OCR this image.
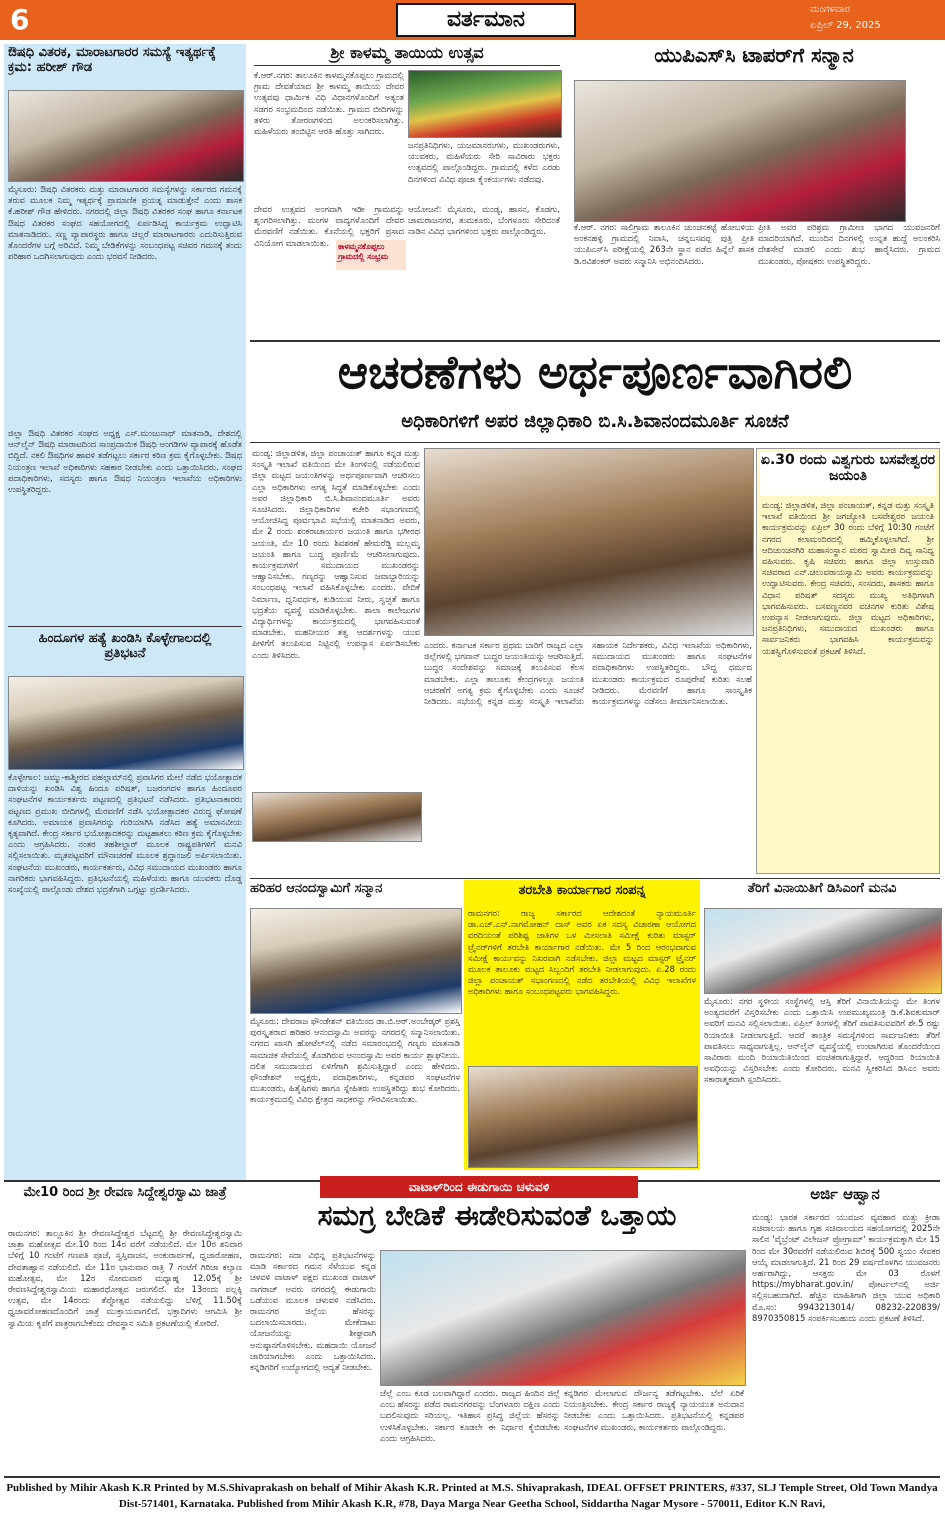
6	ವರ್ತಮಾನ	ಮಂಗಳವಾರ
ಏಪ್ರಿಲ್ 29, 2025
ಔಷಧಿ ವಿತರಕ, ಮಾರಾಟಗಾರರ ಸಮಸ್ಯೆ ಇತ್ಯರ್ಥಕ್ಕೆ ಕ್ರಮ: ಹರೀಶ್ ಗೌಡ
ಮೈಸೂರು: ಔಷಧಿ ವಿತರಕರು ಮತ್ತು ಮಾರಾಟಗಾರರ ಸಮಸ್ಯೆಗಳನ್ನು ಸರ್ಕಾರದ ಗಮನಕ್ಕೆ ತರುವ ಮೂಲಕ ನಿಮ್ಮ ಇತ್ಯರ್ಥಕ್ಕೆ ಪ್ರಾಮಾಣಿಕ ಪ್ರಯತ್ನ ಮಾಡುತ್ತೇನೆ ಎಂದು ಶಾಸಕ ಕೆ.ಹರೀಶ್ ಗೌಡ ಹೇಳಿದರು. ನಗರದಲ್ಲಿ ಜಿಲ್ಲಾ ಔಷಧಿ ವಿತರಕರ ಸಂಘ ಹಾಗೂ ಕರ್ನಾಟಕ ಔಷಧ ವಿತರಕರ ಸಂಘದ ಸಹಯೋಗದಲ್ಲಿ ಏರ್ಪಡಿಸಿದ್ದ ಕಾರ್ಯಕ್ರಮ ಉದ್ಘಾಟಿಸಿ ಮಾತನಾಡಿದರು. ಸಣ್ಣ ವ್ಯಾಪಾರಸ್ಥರು ಹಾಗೂ ಚಿಲ್ಲರೆ ಮಾರಾಟಗಾರರು ಎದುರಿಸುತ್ತಿರುವ ತೊಂದರೆಗಳ ಬಗ್ಗೆ ಅರಿವಿದೆ. ನಿಮ್ಮ ಬೇಡಿಕೆಗಳನ್ನು ಸಂಬಂಧಪಟ್ಟ ಸಚಿವರ ಗಮನಕ್ಕೆ ತಂದು ಪರಿಹಾರ ಒದಗಿಸಲಾಗುವುದು ಎಂದು ಭರವಸೆ ನೀಡಿದರು.
ಜಿಲ್ಲಾ ಔಷಧಿ ವಿತರಕರ ಸಂಘದ ಅಧ್ಯಕ್ಷ ಎಸ್.ಮಂಜುನಾಥ್ ಮಾತನಾಡಿ, ದೇಶದಲ್ಲಿ ಆನ್‌ಲೈನ್ ಔಷಧಿ ಮಾರಾಟದಿಂದ ಸಾಂಪ್ರದಾಯಿಕ ಔಷಧಿ ಅಂಗಡಿಗಳ ವ್ಯಾಪಾರಕ್ಕೆ ಹೊಡೆತ ಬಿದ್ದಿದೆ. ನಕಲಿ ಔಷಧಿಗಳ ಹಾವಳಿ ತಡೆಗಟ್ಟಲು ಸರ್ಕಾರ ಕಠಿಣ ಕ್ರಮ ಕೈಗೊಳ್ಳಬೇಕು. ಔಷಧ ನಿಯಂತ್ರಣ ಇಲಾಖೆ ಅಧಿಕಾರಿಗಳು ಸಹಕಾರ ನೀಡಬೇಕು ಎಂದು ಒತ್ತಾಯಿಸಿದರು. ಸಂಘದ ಪದಾಧಿಕಾರಿಗಳು, ಸದಸ್ಯರು ಹಾಗೂ ಔಷಧ ನಿಯಂತ್ರಣ ಇಲಾಖೆಯ ಅಧಿಕಾರಿಗಳು ಉಪಸ್ಥಿತರಿದ್ದರು.
ಹಿಂದೂಗಳ ಹತ್ಯೆ ಖಂಡಿಸಿ ಕೊಳ್ಳೇಗಾಲದಲ್ಲಿ ಪ್ರತಿಭಟನೆ
ಕೊಳ್ಳೇಗಾಲ: ಜಮ್ಮು-ಕಾಶ್ಮೀರದ ಪಹಲ್ಗಾಮ್‌ನಲ್ಲಿ ಪ್ರವಾಸಿಗರ ಮೇಲೆ ನಡೆದ ಭಯೋತ್ಪಾದಕ ದಾಳಿಯನ್ನು ಖಂಡಿಸಿ ವಿಶ್ವ ಹಿಂದೂ ಪರಿಷತ್, ಬಜರಂಗದಳ ಹಾಗೂ ಹಿಂದೂಪರ ಸಂಘಟನೆಗಳ ಕಾರ್ಯಕರ್ತರು ಪಟ್ಟಣದಲ್ಲಿ ಪ್ರತಿಭಟನೆ ನಡೆಸಿದರು. ಪ್ರತಿಭಟನಾಕಾರರು ಪಟ್ಟಣದ ಪ್ರಮುಖ ಬೀದಿಗಳಲ್ಲಿ ಮೆರವಣಿಗೆ ನಡೆಸಿ ಭಯೋತ್ಪಾದಕರ ವಿರುದ್ಧ ಘೋಷಣೆ ಕೂಗಿದರು. ಅಮಾಯಕ ಪ್ರವಾಸಿಗರನ್ನು ಗುರಿಯಾಗಿಸಿ ನಡೆಸಿದ ಹತ್ಯೆ ಅಮಾನವೀಯ ಕೃತ್ಯವಾಗಿದೆ. ಕೇಂದ್ರ ಸರ್ಕಾರ ಭಯೋತ್ಪಾದಕರನ್ನು ಮಟ್ಟಹಾಕಲು ಕಠಿಣ ಕ್ರಮ ಕೈಗೊಳ್ಳಬೇಕು ಎಂದು ಆಗ್ರಹಿಸಿದರು. ನಂತರ ತಹಶೀಲ್ದಾರ್ ಮೂಲಕ ರಾಷ್ಟ್ರಪತಿಗಳಿಗೆ ಮನವಿ ಸಲ್ಲಿಸಲಾಯಿತು. ಮೃತಪಟ್ಟವರಿಗೆ ಮೌನಾಚರಣೆ ಮೂಲಕ ಶ್ರದ್ಧಾಂಜಲಿ ಅರ್ಪಿಸಲಾಯಿತು. ಸಂಘಟನೆಯ ಮುಖಂಡರು, ಕಾರ್ಯಕರ್ತರು, ವಿವಿಧ ಸಮುದಾಯದ ಮುಖಂಡರು ಹಾಗೂ ನಾಗರಿಕರು ಭಾಗವಹಿಸಿದ್ದರು. ಪ್ರತಿಭಟನೆಯಲ್ಲಿ ಮಹಿಳೆಯರು ಹಾಗೂ ಯುವಕರು ದೊಡ್ಡ ಸಂಖ್ಯೆಯಲ್ಲಿ ಪಾಲ್ಗೊಂಡು ದೇಶದ ಭದ್ರತೆಗಾಗಿ ಒಗ್ಗಟ್ಟು ಪ್ರದರ್ಶಿಸಿದರು.
ಶ್ರೀ ಕಾಳಮ್ಮ ತಾಯಿಯ ಉತ್ಸವ
ಕೆ.ಆರ್.ನಗರ: ತಾಲೂಕಿನ ಕಾಳಮ್ಮನಕೊಪ್ಪಲು ಗ್ರಾಮದಲ್ಲಿ ಗ್ರಾಮ ದೇವತೆಯಾದ ಶ್ರೀ ಕಾಳಮ್ಮ ತಾಯಿಯ ದೇವರ ಉತ್ಸವವು ಧಾರ್ಮಿಕ ವಿಧಿ ವಿಧಾನಗಳೊಂದಿಗೆ ಅತ್ಯಂತ ಸಡಗರ ಸಂಭ್ರಮದಿಂದ ನಡೆಯಿತು. ಗ್ರಾಮದ ಬೀದಿಗಳನ್ನು ತಳಿರು ತೋರಣಗಳಿಂದ ಅಲಂಕರಿಸಲಾಗಿತ್ತು. ಮಹಿಳೆಯರು ತಂಬಿಟ್ಟಿನ ಆರತಿ ಹೊತ್ತು ಸಾಗಿದರು.
ಜನಪ್ರತಿನಿಧಿಗಳು, ಯಜಮಾನರುಗಳು, ಮುಖಂಡರುಗಳು, ಯುವಕರು, ಮಹಿಳೆಯರು ಸೇರಿ ಸಾವಿರಾರು ಭಕ್ತರು ಉತ್ಸವದಲ್ಲಿ ಪಾಲ್ಗೊಂಡಿದ್ದರು. ಗ್ರಾಮದಲ್ಲಿ ಕಳೆದ ಎರಡು ದಿನಗಳಿಂದ ವಿವಿಧ ಪೂಜಾ ಕೈಂಕರ್ಯಗಳು ನಡೆದವು.
ದೇವರ ಉತ್ಸವದ ಅಂಗವಾಗಿ ಇಡೀ ಗ್ರಾಮವನ್ನು ಶೃಂಗರಿಸಲಾಗಿತ್ತು. ಮಂಗಳ ವಾದ್ಯಗಳೊಂದಿಗೆ ದೇವರ ಮೆರವಣಿಗೆ ನಡೆಯಿತು. ಕೊನೆಯಲ್ಲಿ ಭಕ್ತರಿಗೆ ಪ್ರಸಾದ ವಿನಿಯೋಗ ಮಾಡಲಾಯಿತು.	ಕಾಳಮ್ಮನಕೊಪ್ಪಲು ಗ್ರಾಮದಲ್ಲಿ ಸಂಭ್ರಮ
ಆಯೋಜನೆ: ಮೈಸೂರು, ಮಂಡ್ಯ, ಹಾಸನ, ಕೊಡಗು, ಚಾಮರಾಜನಗರ, ತುಮಕೂರು, ಬೆಂಗಳೂರು ಸೇರಿದಂತೆ ನಾಡಿನ ವಿವಿಧ ಭಾಗಗಳಿಂದ ಭಕ್ತರು ಪಾಲ್ಗೊಂಡಿದ್ದರು.
ಯುಪಿಎಸ್‌ಸಿ ಟಾಪರ್‌ಗೆ ಸನ್ಮಾನ
ಕೆ.ಆರ್. ನಗರ: ಸಾಲಿಗ್ರಾಮ ತಾಲೂಕಿನ ಚುಂಚನಕಟ್ಟೆ ಹೋಬಳಿಯ ಅಂಕನಹಳ್ಳಿ ಗ್ರಾಮದಲ್ಲಿ ನಿವಾಸಿ, ಚನ್ನಬಸವಪ್ಪ ಪುತ್ರಿ ಪ್ರೀತಿ ಯುಪಿಎಸ್‌ಸಿ ಪರೀಕ್ಷೆಯಲ್ಲಿ 263ನೇ ಸ್ಥಾನ ಪಡೆದ ಹಿನ್ನೆಲೆ ಶಾಸಕ ಡಿ.ರವಿಶಂಕರ್ ಅವರು ಸನ್ಮಾನಿಸಿ ಅಭಿನಂದಿಸಿದರು.
ಪ್ರೀತಿ ಅವರ ಪರಿಶ್ರಮ ಗ್ರಾಮೀಣ ಭಾಗದ ಯುವಜನರಿಗೆ ಮಾದರಿಯಾಗಿದೆ. ಮುಂದಿನ ದಿನಗಳಲ್ಲಿ ಉನ್ನತ ಹುದ್ದೆ ಅಲಂಕರಿಸಿ ದೇಶಸೇವೆ ಮಾಡಲಿ ಎಂದು ಶುಭ ಹಾರೈಸಿದರು. ಗ್ರಾಮದ ಮುಖಂಡರು, ಪೋಷಕರು ಉಪಸ್ಥಿತರಿದ್ದರು.
ಆಚರಣೆಗಳು ಅರ್ಥಪೂರ್ಣವಾಗಿರಲಿ
ಅಧಿಕಾರಿಗಳಿಗೆ ಅಪರ ಜಿಲ್ಲಾಧಿಕಾರಿ ಬಿ.ಸಿ.ಶಿವಾನಂದಮೂರ್ತಿ ಸೂಚನೆ
ಮಂಡ್ಯ: ಜಿಲ್ಲಾಡಳಿತ, ಜಿಲ್ಲಾ ಪಂಚಾಯತ್ ಹಾಗೂ ಕನ್ನಡ ಮತ್ತು ಸಂಸ್ಕೃತಿ ಇಲಾಖೆ ವತಿಯಿಂದ ಮೇ ತಿಂಗಳಿನಲ್ಲಿ ನಡೆಯಲಿರುವ ಜಿಲ್ಲಾ ಮಟ್ಟದ ಜಯಂತಿಗಳನ್ನು ಅರ್ಥಪೂರ್ಣವಾಗಿ ಆಚರಿಸಲು ಎಲ್ಲಾ ಅಧಿಕಾರಿಗಳು ಅಗತ್ಯ ಸಿದ್ಧತೆ ಮಾಡಿಕೊಳ್ಳಬೇಕು ಎಂದು ಅಪರ ಜಿಲ್ಲಾಧಿಕಾರಿ ಬಿ.ಸಿ.ಶಿವಾನಂದಮೂರ್ತಿ ಅವರು ಸೂಚಿಸಿದರು. ಜಿಲ್ಲಾಧಿಕಾರಿಗಳ ಕಚೇರಿ ಸಭಾಂಗಣದಲ್ಲಿ ಆಯೋಜಿಸಿದ್ದ ಪೂರ್ವಭಾವಿ ಸಭೆಯಲ್ಲಿ ಮಾತನಾಡಿದ ಅವರು, ಮೇ 2 ರಂದು ಶಂಕರಾಚಾರ್ಯರ ಜಯಂತಿ ಹಾಗೂ ಭಗೀರಥ ಜಯಂತಿ, ಮೇ 10 ರಂದು ಶಿವಶರಣೆ ಹೇಮರೆಡ್ಡಿ ಮಲ್ಲಮ್ಮ ಜಯಂತಿ ಹಾಗೂ ಬುದ್ಧ ಪೂರ್ಣಿಮೆ ಆಚರಿಸಲಾಗುವುದು. ಕಾರ್ಯಕ್ರಮಗಳಿಗೆ ಸಮುದಾಯದ ಮುಖಂಡರನ್ನು ಆಹ್ವಾನಿಸಬೇಕು. ಗಣ್ಯರನ್ನು ಆಹ್ವಾನಿಸುವ ಜವಾಬ್ದಾರಿಯನ್ನು ಸಂಬಂಧಪಟ್ಟ ಇಲಾಖೆ ವಹಿಸಿಕೊಳ್ಳಬೇಕು ಎಂದರು. ವೇದಿಕೆ ನಿರ್ಮಾಣ, ಧ್ವನಿವರ್ಧಕ, ಕುಡಿಯುವ ನೀರು, ಸ್ವಚ್ಛತೆ ಹಾಗೂ ಭದ್ರತೆಯ ವ್ಯವಸ್ಥೆ ಮಾಡಿಕೊಳ್ಳಬೇಕು. ಶಾಲಾ ಕಾಲೇಜುಗಳ ವಿದ್ಯಾರ್ಥಿಗಳನ್ನು ಕಾರ್ಯಕ್ರಮದಲ್ಲಿ ಭಾಗವಹಿಸುವಂತೆ ಮಾಡಬೇಕು. ಮಹನೀಯರ ತತ್ವ ಆದರ್ಶಗಳನ್ನು ಯುವ ಪೀಳಿಗೆಗೆ ತಲುಪಿಸುವ ನಿಟ್ಟಿನಲ್ಲಿ ಉಪನ್ಯಾಸ ಏರ್ಪಡಿಸಬೇಕು ಎಂದು ತಿಳಿಸಿದರು.
ಎಂದರು. ಕರ್ನಾಟಕ ಸರ್ಕಾರ ಪ್ರಥಮ ಬಾರಿಗೆ ರಾಜ್ಯದ ಎಲ್ಲಾ ಜಿಲ್ಲೆಗಳಲ್ಲಿ ಭಗವಾನ್ ಬುದ್ಧರ ಜಯಂತಿಯನ್ನು ಆಚರಿಸುತ್ತಿದೆ. ಬುದ್ಧರ ಸಂದೇಶವನ್ನು ಸಮಾಜಕ್ಕೆ ತಲುಪಿಸುವ ಕೆಲಸ ಮಾಡಬೇಕು. ಎಲ್ಲಾ ತಾಲೂಕು ಕೇಂದ್ರಗಳಲ್ಲೂ ಜಯಂತಿ ಆಚರಣೆಗೆ ಅಗತ್ಯ ಕ್ರಮ ಕೈಗೊಳ್ಳಬೇಕು ಎಂದು ಸೂಚನೆ ನೀಡಿದರು. ಸಭೆಯಲ್ಲಿ ಕನ್ನಡ ಮತ್ತು ಸಂಸ್ಕೃತಿ ಇಲಾಖೆಯ ಸಹಾಯಕ ನಿರ್ದೇಶಕರು, ವಿವಿಧ ಇಲಾಖೆಯ ಅಧಿಕಾರಿಗಳು, ಸಮುದಾಯದ ಮುಖಂಡರು ಹಾಗೂ ಸಂಘಟನೆಗಳ ಪದಾಧಿಕಾರಿಗಳು ಉಪಸ್ಥಿತರಿದ್ದರು. ಬೌದ್ಧ ಧರ್ಮದ ಮುಖಂಡರು ಕಾರ್ಯಕ್ರಮದ ರೂಪುರೇಷೆ ಕುರಿತು ಸಲಹೆ ನೀಡಿದರು. ಮೆರವಣಿಗೆ ಹಾಗೂ ಸಾಂಸ್ಕೃತಿಕ ಕಾರ್ಯಕ್ರಮಗಳನ್ನು ನಡೆಸಲು ತೀರ್ಮಾನಿಸಲಾಯಿತು.
ಏ.30 ರಂದು ವಿಶ್ವಗುರು ಬಸವೇಶ್ವರರ ಜಯಂತಿ
ಮಂಡ್ಯ: ಜಿಲ್ಲಾಡಳಿತ, ಜಿಲ್ಲಾ ಪಂಚಾಯತ್, ಕನ್ನಡ ಮತ್ತು ಸಂಸ್ಕೃತಿ ಇಲಾಖೆ ವತಿಯಿಂದ ಶ್ರೀ ಜಗಜ್ಯೋತಿ ಬಸವೇಶ್ವರರ ಜಯಂತಿ ಕಾರ್ಯಕ್ರಮವನ್ನು ಏಪ್ರಿಲ್ 30 ರಂದು ಬೆಳಿಗ್ಗೆ 10:30 ಗಂಟೆಗೆ ನಗರದ ಕಲಾಮಂದಿರದಲ್ಲಿ ಹಮ್ಮಿಕೊಳ್ಳಲಾಗಿದೆ. ಶ್ರೀ ಆದಿಚುಂಚನಗಿರಿ ಮಹಾಸಂಸ್ಥಾನ ಮಠದ ಸ್ವಾಮೀಜಿ ದಿವ್ಯ ಸಾನಿಧ್ಯ ವಹಿಸುವರು. ಕೃಷಿ ಸಚಿವರು ಹಾಗೂ ಜಿಲ್ಲಾ ಉಸ್ತುವಾರಿ ಸಚಿವರಾದ ಎನ್.ಚಲುವರಾಯಸ್ವಾಮಿ ಅವರು ಕಾರ್ಯಕ್ರಮವನ್ನು ಉದ್ಘಾಟಿಸುವರು. ಕೇಂದ್ರ ಸಚಿವರು, ಸಂಸದರು, ಶಾಸಕರು ಹಾಗೂ ವಿಧಾನ ಪರಿಷತ್ ಸದಸ್ಯರು ಮುಖ್ಯ ಅತಿಥಿಗಳಾಗಿ ಭಾಗವಹಿಸುವರು. ಬಸವಣ್ಣನವರ ವಚನಗಳ ಕುರಿತು ವಿಶೇಷ ಉಪನ್ಯಾಸ ನೀಡಲಾಗುವುದು. ಜಿಲ್ಲಾ ಮಟ್ಟದ ಅಧಿಕಾರಿಗಳು, ಜನಪ್ರತಿನಿಧಿಗಳು, ಸಮುದಾಯದ ಮುಖಂಡರು ಹಾಗೂ ಸಾರ್ವಜನಿಕರು ಭಾಗವಹಿಸಿ ಕಾರ್ಯಕ್ರಮವನ್ನು ಯಶಸ್ವಿಗೊಳಿಸುವಂತೆ ಪ್ರಕಟಣೆ ತಿಳಿಸಿದೆ.
ಹರಿಹರ ಆನಂದಸ್ವಾಮಿಗೆ ಸನ್ಮಾನ
ಮೈಸೂರು: ದೇವರಾಜ ಫೌಂಡೇಶನ್ ವತಿಯಿಂದ ಡಾ.ಬಿ.ಆರ್.ಅಂಬೇಡ್ಕರ್ ಪ್ರಶಸ್ತಿ ಪುರಸ್ಕೃತರಾದ ಹರಿಹರ ಆನಂದಸ್ವಾಮಿ ಅವರನ್ನು ನಗರದಲ್ಲಿ ಸನ್ಮಾನಿಸಲಾಯಿತು. ನಗರದ ಖಾಸಗಿ ಹೋಟೆಲ್‌ನಲ್ಲಿ ನಡೆದ ಸಮಾರಂಭದಲ್ಲಿ ಗಣ್ಯರು ಮಾತನಾಡಿ ಸಾಮಾಜಿಕ ಸೇವೆಯಲ್ಲಿ ತೊಡಗಿರುವ ಆನಂದಸ್ವಾಮಿ ಅವರ ಕಾರ್ಯ ಶ್ಲಾಘನೀಯ. ದಲಿತ ಸಮುದಾಯದ ಏಳಿಗೆಗಾಗಿ ಶ್ರಮಿಸುತ್ತಿದ್ದಾರೆ ಎಂದು ಹೇಳಿದರು. ಫೌಂಡೇಶನ್ ಅಧ್ಯಕ್ಷರು, ಪದಾಧಿಕಾರಿಗಳು, ಕನ್ನಡಪರ ಸಂಘಟನೆಗಳ ಮುಖಂಡರು, ಹಿತೈಷಿಗಳು ಹಾಗೂ ಸ್ನೇಹಿತರು ಉಪಸ್ಥಿತರಿದ್ದು ಶುಭ ಕೋರಿದರು. ಕಾರ್ಯಕ್ರಮದಲ್ಲಿ ವಿವಿಧ ಕ್ಷೇತ್ರದ ಸಾಧಕರನ್ನು ಗೌರವಿಸಲಾಯಿತು.
ತರಬೇತಿ ಕಾರ್ಯಾಗಾರ ಸಂಪನ್ನ
ರಾಮನಗರ: ರಾಜ್ಯ ಸರ್ಕಾರದ ಆದೇಶದಂತೆ ನ್ಯಾಯಮೂರ್ತಿ ಡಾ.ಎಚ್.ಎನ್.ನಾಗಮೋಹನ್ ದಾಸ್ ಅವರ ಏಕ ಸದಸ್ಯ ವಿಚಾರಣಾ ಆಯೋಗದ ವರದಿಯಂತೆ ಪರಿಶಿಷ್ಟ ಜಾತಿಗಳ ಒಳ ಮೀಸಲಾತಿ ಸಮೀಕ್ಷೆ ಕುರಿತು ಮಾಸ್ಟರ್ ಟ್ರೈನರ್‌ಗಳಿಗೆ ತರಬೇತಿ ಕಾರ್ಯಾಗಾರ ನಡೆಯಿತು. ಮೇ 5 ರಿಂದ ಆರಂಭವಾಗುವ ಸಮೀಕ್ಷೆ ಕಾರ್ಯವನ್ನು ನಿಖರವಾಗಿ ನಡೆಸಬೇಕು. ಜಿಲ್ಲಾ ಮಟ್ಟದ ಮಾಸ್ಟರ್ ಟ್ರೈನರ್ ಮೂಲಕ ತಾಲೂಕು ಮಟ್ಟದ ಸಿಬ್ಬಂದಿಗೆ ತರಬೇತಿ ನೀಡಲಾಗುವುದು. ಏ.28 ರಂದು ಜಿಲ್ಲಾ ಪಂಚಾಯತ್ ಸಭಾಂಗಣದಲ್ಲಿ ನಡೆದ ತರಬೇತಿಯಲ್ಲಿ ವಿವಿಧ ಇಲಾಖೆಗಳ ಅಧಿಕಾರಿಗಳು ಹಾಗೂ ಸಂಬಂಧಪಟ್ಟವರು ಭಾಗವಹಿಸಿದ್ದರು.
ತೆರಿಗೆ ವಿನಾಯಿತಿಗೆ ಡಿಸಿಎಂಗೆ ಮನವಿ
ಮೈಸೂರು: ನಗರ ಸ್ಥಳೀಯ ಸಂಸ್ಥೆಗಳಲ್ಲಿ ಆಸ್ತಿ ತೆರಿಗೆ ವಿನಾಯಿತಿಯನ್ನು ಮೇ ತಿಂಗಳ ಅಂತ್ಯದವರೆಗೆ ವಿಸ್ತರಿಸಬೇಕು ಎಂದು ಒತ್ತಾಯಿಸಿ ಉಪಮುಖ್ಯಮಂತ್ರಿ ಡಿ.ಕೆ.ಶಿವಕುಮಾರ್ ಅವರಿಗೆ ಮನವಿ ಸಲ್ಲಿಸಲಾಯಿತು. ಏಪ್ರಿಲ್ ತಿಂಗಳಲ್ಲಿ ತೆರಿಗೆ ಪಾವತಿಸುವವರಿಗೆ ಶೇ.5 ರಷ್ಟು ರಿಯಾಯಿತಿ ನೀಡಲಾಗುತ್ತಿದೆ. ಆದರೆ ತಾಂತ್ರಿಕ ಸಮಸ್ಯೆಗಳಿಂದ ಸಾರ್ವಜನಿಕರು ತೆರಿಗೆ ಪಾವತಿಸಲು ಸಾಧ್ಯವಾಗುತ್ತಿಲ್ಲ. ಆನ್‌ಲೈನ್ ವ್ಯವಸ್ಥೆಯಲ್ಲಿ ಉಂಟಾಗಿರುವ ತೊಂದರೆಯಿಂದ ಸಾವಿರಾರು ಮಂದಿ ರಿಯಾಯಿತಿಯಿಂದ ವಂಚಿತರಾಗುತ್ತಿದ್ದಾರೆ. ಆದ್ದರಿಂದ ರಿಯಾಯಿತಿ ಅವಧಿಯನ್ನು ವಿಸ್ತರಿಸಬೇಕು ಎಂದು ಕೋರಿದರು. ಮನವಿ ಸ್ವೀಕರಿಸಿದ ಡಿಸಿಎಂ ಅವರು ಸಕಾರಾತ್ಮಕವಾಗಿ ಸ್ಪಂದಿಸಿದರು.
ಮೇ10 ರಿಂದ ಶ್ರೀ ರೇವಣ ಸಿದ್ದೇಶ್ವರಸ್ವಾಮಿ ಜಾತ್ರೆ
ರಾಮನಗರ: ತಾಲ್ಲೂಕಿನ ಶ್ರೀ ರೇವಣಸಿದ್ದೇಶ್ವರ ಬೆಟ್ಟದಲ್ಲಿ ಶ್ರೀ ರೇವಣಸಿದ್ದೇಶ್ವರಸ್ವಾಮಿ ಜಾತ್ರಾ ಮಹೋತ್ಸವ ಮೇ.10 ರಿಂದ 14ರ ವರೆಗೆ ನಡೆಯಲಿದೆ. ಮೇ 10ರ ಶನಿವಾರ ಬೆಳಿಗ್ಗೆ 10 ಗಂಟೆಗೆ ಗಣಪತಿ ಪೂಜೆ, ಸ್ವಸ್ತಿವಾಚನ, ಅಂಕುರಾರ್ಪಣೆ, ಧ್ವಜಾರೋಹಣ, ದೇವತಾಹ್ವಾನ ನಡೆಯಲಿದೆ. ಮೇ 11ರ ಭಾನುವಾರ ರಾತ್ರಿ 7 ಗಂಟೆಗೆ ಗಿರಿಜಾ ಕಲ್ಯಾಣ ಮಹೋತ್ಸವ, ಮೇ 12ರ ಸೋಮವಾರ ಮಧ್ಯಾಹ್ನ 12.05ಕ್ಕೆ ಶ್ರೀ ರೇವಣಸಿದ್ದೇಶ್ವರಸ್ವಾಮಿಯ ಮಹಾರಥೋತ್ಸವ ಜರುಗಲಿದೆ. ಮೇ 13ರಂದು ಪಲ್ಲಕ್ಕಿ ಉತ್ಸವ, ಮೇ 14ರಂದು ತೆಪ್ಪೋತ್ಸವ ನಡೆಯಲಿದ್ದು ಬೆಳಿಗ್ಗೆ 11.50ಕ್ಕೆ ಧ್ವಜಾವರೋಹಣದೊಂದಿಗೆ ಜಾತ್ರೆ ಮುಕ್ತಾಯವಾಗಲಿದೆ. ಭಕ್ತಾದಿಗಳು ಆಗಮಿಸಿ ಶ್ರೀ ಸ್ವಾಮಿಯ ಕೃಪೆಗೆ ಪಾತ್ರರಾಗಬೇಕೆಂದು ದೇವಸ್ಥಾನ ಸಮಿತಿ ಪ್ರಕಟಣೆಯಲ್ಲಿ ಕೋರಿದೆ.
ವಾಟಾಳ್‌ರಿಂದ ಈಡುಗಾಯಿ ಚಳುವಳಿ
ಸಮಗ್ರ ಬೇಡಿಕೆ ಈಡೇರಿಸುವಂತೆ ಒತ್ತಾಯ
ರಾಮನಗರ: ಸದಾ ವಿಭಿನ್ನ ಪ್ರತಿಭಟನೆಗಳನ್ನು ಮಾಡಿ ಸರ್ಕಾರದ ಗಮನ ಸೆಳೆಯುವ ಕನ್ನಡ ಚಳವಳಿ ವಾಟಾಳ್ ಪಕ್ಷದ ಮುಖಂಡ ವಾಟಾಳ್ ನಾಗರಾಜ್ ಅವರು ನಗರದಲ್ಲಿ ಈಡುಗಾಯಿ ಒಡೆಯುವ ಮೂಲಕ ಚಳುವಳಿ ನಡೆಸಿದರು. ರಾಮನಗರ ಜಿಲ್ಲೆಯ ಹೆಸರನ್ನು ಬದಲಾಯಿಸಬಾರದು. ಮೇಕೆದಾಟು ಯೋಜನೆಯನ್ನು ಶೀಘ್ರವಾಗಿ ಅನುಷ್ಠಾನಗೊಳಿಸಬೇಕು. ಮಹದಾಯಿ ಯೋಜನೆ ಜಾರಿಯಾಗಬೇಕು ಎಂದು ಒತ್ತಾಯಿಸಿದರು. ಕನ್ನಡಿಗರಿಗೆ ಉದ್ಯೋಗದಲ್ಲಿ ಆದ್ಯತೆ ನೀಡಬೇಕು.
ಜೆಲ್ಲೆ ಎಂಬ ಕೂಡ ಬಲವಾಗಿದ್ದಾರೆ ಎಂದರು. ರಾಜ್ಯದ ಹಿಂದಿನ ಜಿಲ್ಲೆ ಎಂಬ ಹೆಸರನ್ನು ಪಡೆದ ರಾಮನಗರವನ್ನು ಬೆಂಗಳೂರು ದಕ್ಷಿಣ ಎಂದು ಬದಲಿಸುವುದು ಸರಿಯಲ್ಲ. ಇತಿಹಾಸ ಪ್ರಸಿದ್ಧ ಜಿಲ್ಲೆಯ ಹೆಸರನ್ನು ಉಳಿಸಿಕೊಳ್ಳಬೇಕು. ಸರ್ಕಾರ ಕೂಡಲೇ ಈ ನಿರ್ಧಾರ ಕೈಬಿಡಬೇಕು ಎಂದು ಆಗ್ರಹಿಸಿದರು.
ಕನ್ನಡಿಗರ ಮೇಲಾಗುವ ದೌರ್ಜನ್ಯ ತಡೆಗಟ್ಟಬೇಕು. ಬೆಲೆ ಏರಿಕೆ ನಿಯಂತ್ರಿಸಬೇಕು. ಕೇಂದ್ರ ಸರ್ಕಾರ ರಾಜ್ಯಕ್ಕೆ ನ್ಯಾಯಯುತ ಅನುದಾನ ನೀಡಬೇಕು ಎಂದು ಒತ್ತಾಯಿಸಿದರು. ಪ್ರತಿಭಟನೆಯಲ್ಲಿ ಕನ್ನಡಪರ ಸಂಘಟನೆಗಳ ಮುಖಂಡರು, ಕಾರ್ಯಕರ್ತರು ಪಾಲ್ಗೊಂಡಿದ್ದರು.
ಅರ್ಜಿ ಆಹ್ವಾನ
ಮಂಡ್ಯ: ಭಾರತ ಸರ್ಕಾರದ ಯುವಜನ ವ್ಯವಹಾರ ಮತ್ತು ಕ್ರೀಡಾ ಸಚಿವಾಲಯ ಹಾಗೂ ಗೃಹ ಸಚಿವಾಲಯದ ಸಹಯೋಗದಲ್ಲಿ 2025ನೇ ಸಾಲಿನ 'ವೈಬ್ರೆಂಟ್ ವಿಲೇಜಸ್ ಪ್ರೋಗ್ರಾಮ್' ಕಾರ್ಯಕ್ರಮಕ್ಕಾಗಿ ಮೇ 15 ರಿಂದ ಮೇ 30ರವರೆಗೆ ನಡೆಯಲಿರುವ ಶಿಬಿರಕ್ಕೆ 500 ಸ್ವಯಂ ಸೇವಕರ ಆಯ್ಕೆ ಮಾಡಲಾಗುತ್ತಿದೆ. 21 ರಿಂದ 29 ವರ್ಷದೊಳಗಿನ ಯುವಜನರು ಅರ್ಹರಾಗಿದ್ದು, ಆಸಕ್ತರು ಮೇ 03 ರೊಳಗೆ https://mybharat.gov.in/ ಪೋರ್ಟಲ್‌ನಲ್ಲಿ ಅರ್ಜಿ ಸಲ್ಲಿಸಬಹುದಾಗಿದೆ. ಹೆಚ್ಚಿನ ಮಾಹಿತಿಗಾಗಿ ಜಿಲ್ಲಾ ಯುವ ಅಧಿಕಾರಿ ಮೊ.ಸಂ: 9943213014/ 08232-220839/ 8970350815 ಸಂಪರ್ಕಿಸಬಹುದು ಎಂದು ಪ್ರಕಟಣೆ ತಿಳಿಸಿದೆ.
Published by Mihir Akash K.R Printed by M.S.Shivaprakash on behalf of Mihir Akash K.R. Printed at M.S. Shivaprakash, IDEAL OFFSET PRINTERS, #337, SLJ Temple Street, Old Town Mandya Dist-571401, Karnataka. Published from Mihir Akash K.R, #78, Daya Marga Near Geetha School, Siddartha Nagar Mysore - 570011, Editor K.N Ravi,
